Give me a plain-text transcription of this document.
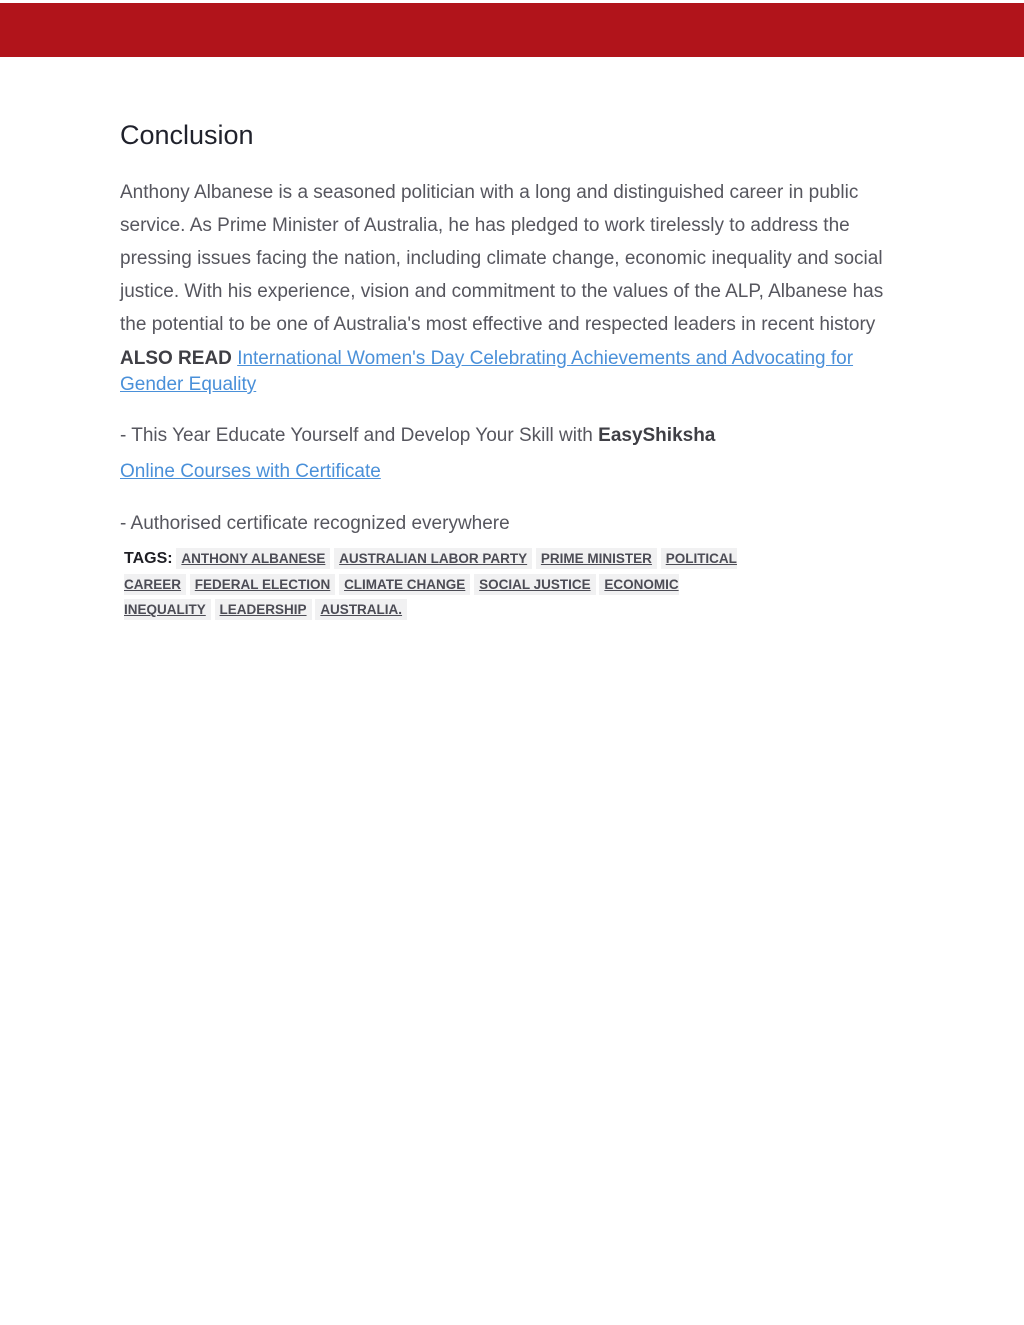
Conclusion

Anthony Albanese is a seasoned politician with a long and distinguished career in public service. As Prime Minister of Australia, he has pledged to work tirelessly to address the pressing issues facing the nation, including climate change, economic inequality and social justice. With his experience, vision and commitment to the values of the ALP, Albanese has the potential to be one of Australia's most effective and respected leaders in recent history

ALSO READ International Women's Day Celebrating Achievements and Advocating for Gender Equality

- This Year Educate Yourself and Develop Your Skill with EasyShiksha

Online Courses with Certificate

- Authorised certificate recognized everywhere

TAGS: ANTHONY ALBANESE AUSTRALIAN LABOR PARTY PRIME MINISTER POLITICAL CAREER FEDERAL ELECTION CLIMATE CHANGE SOCIAL JUSTICE ECONOMIC INEQUALITY LEADERSHIP AUSTRALIA.
